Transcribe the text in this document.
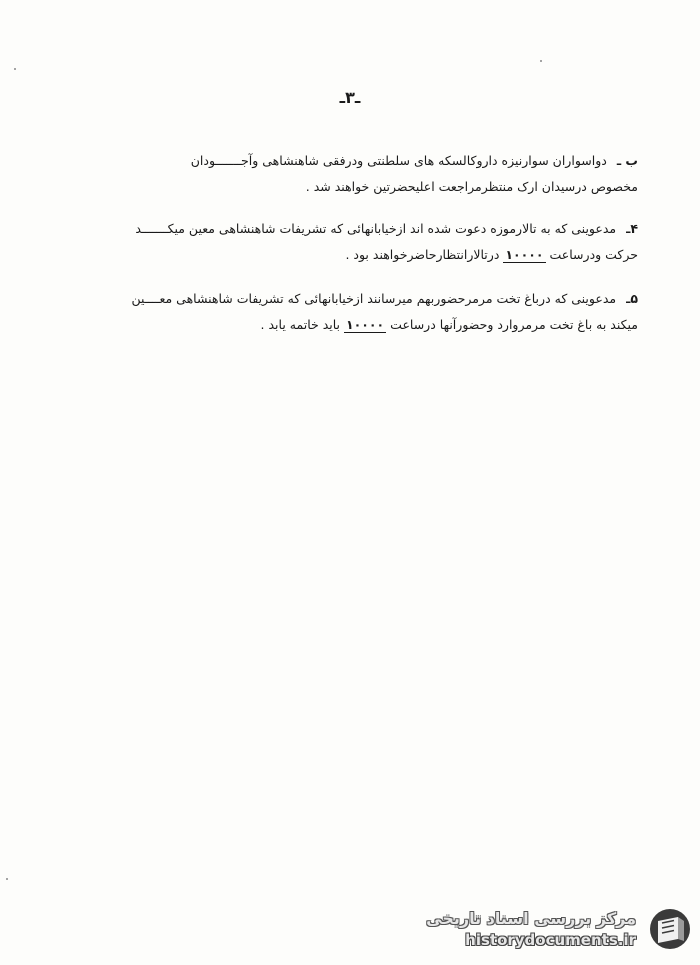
ـ۳ـ
ب ـ دواسواران سوارنیزه داروکالسکه های سلطنتی ودرفقی شاهنشاهی وآجـــــــودان
مخصوص درسیدان ارک منتظرمراجعت اعلیحضرتین خواهند شد .
۴ـ مدعوینی که به تالارموزه دعوت شده اند ازخیابانهائی که تشریفات شاهنشاهی معین میکـــــــد
حرکت ودرساعت ۱۰۰۰۰ درتالارانتظارحاضرخواهند بود .
۵ـ مدعوینی که درباغ تخت مرمرحضوربهم میرسانند ازخیابانهائی که تشریفات شاهنشاهی معــــین
میکند به باغ تخت مرمروارد وحضورآنها درساعت ۱۰۰۰۰ باید خاتمه یابد .
مرکز بررسی اسناد تاریخی
historydocuments.ir
